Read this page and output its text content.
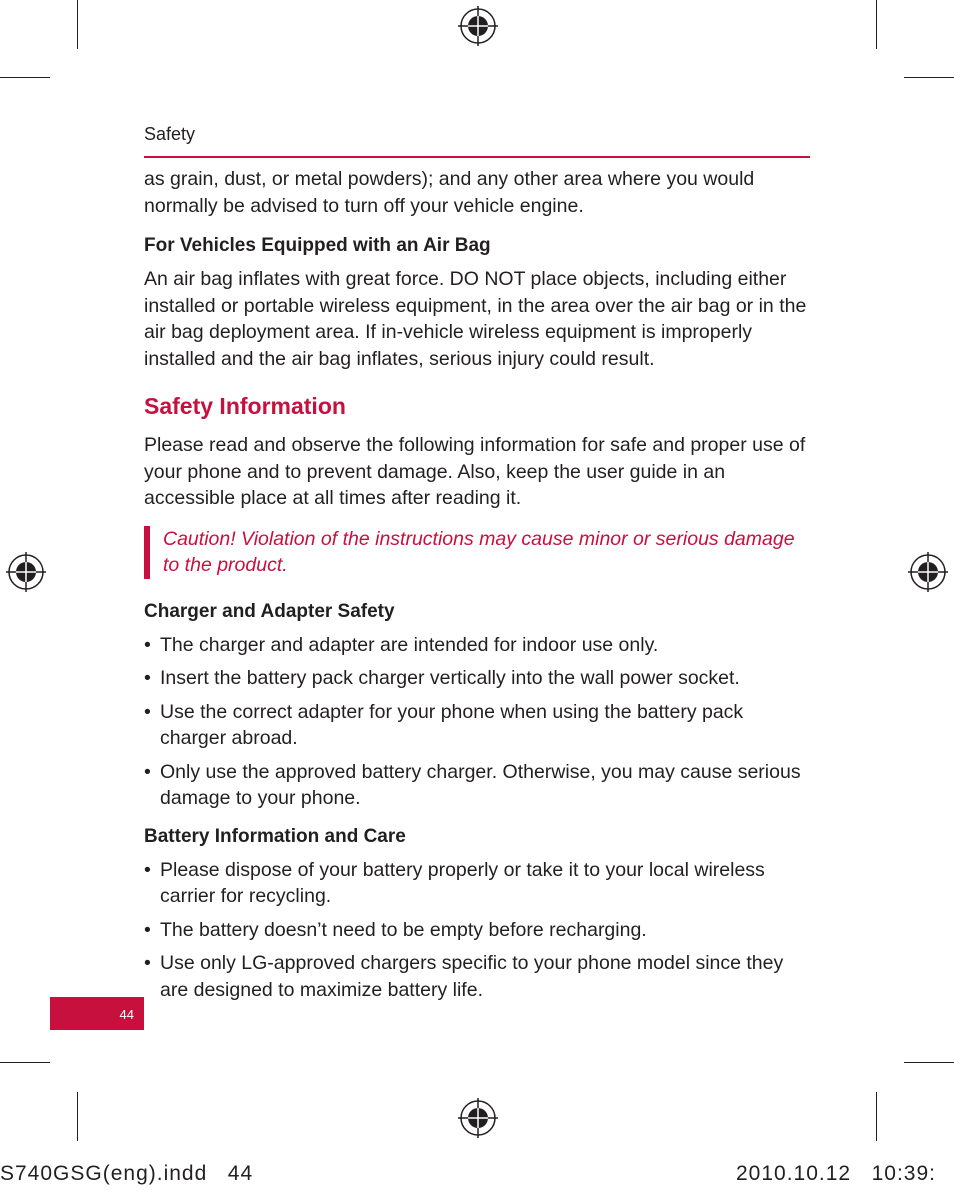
Safety

as grain, dust, or metal powders); and any other area where you would normally be advised to turn off your vehicle engine.

For Vehicles Equipped with an Air Bag

An air bag inflates with great force. DO NOT place objects, including either installed or portable wireless equipment, in the area over the air bag or in the air bag deployment area. If in-vehicle wireless equipment is improperly installed and the air bag inflates, serious injury could result.

Safety Information

Please read and observe the following information for safe and proper use of your phone and to prevent damage. Also, keep the user guide in an accessible place at all times after reading it.

Caution! Violation of the instructions may cause minor or serious damage to the product.

Charger and Adapter Safety

• The charger and adapter are intended for indoor use only.
• Insert the battery pack charger vertically into the wall power socket.
• Use the correct adapter for your phone when using the battery pack charger abroad.
• Only use the approved battery charger. Otherwise, you may cause serious damage to your phone.

Battery Information and Care

• Please dispose of your battery properly or take it to your local wireless carrier for recycling.
• The battery doesn’t need to be empty before recharging.
• Use only LG-approved chargers specific to your phone model since they are designed to maximize battery life.
44
S740GSG(eng).indd   44	2010.10.12   10:39:
